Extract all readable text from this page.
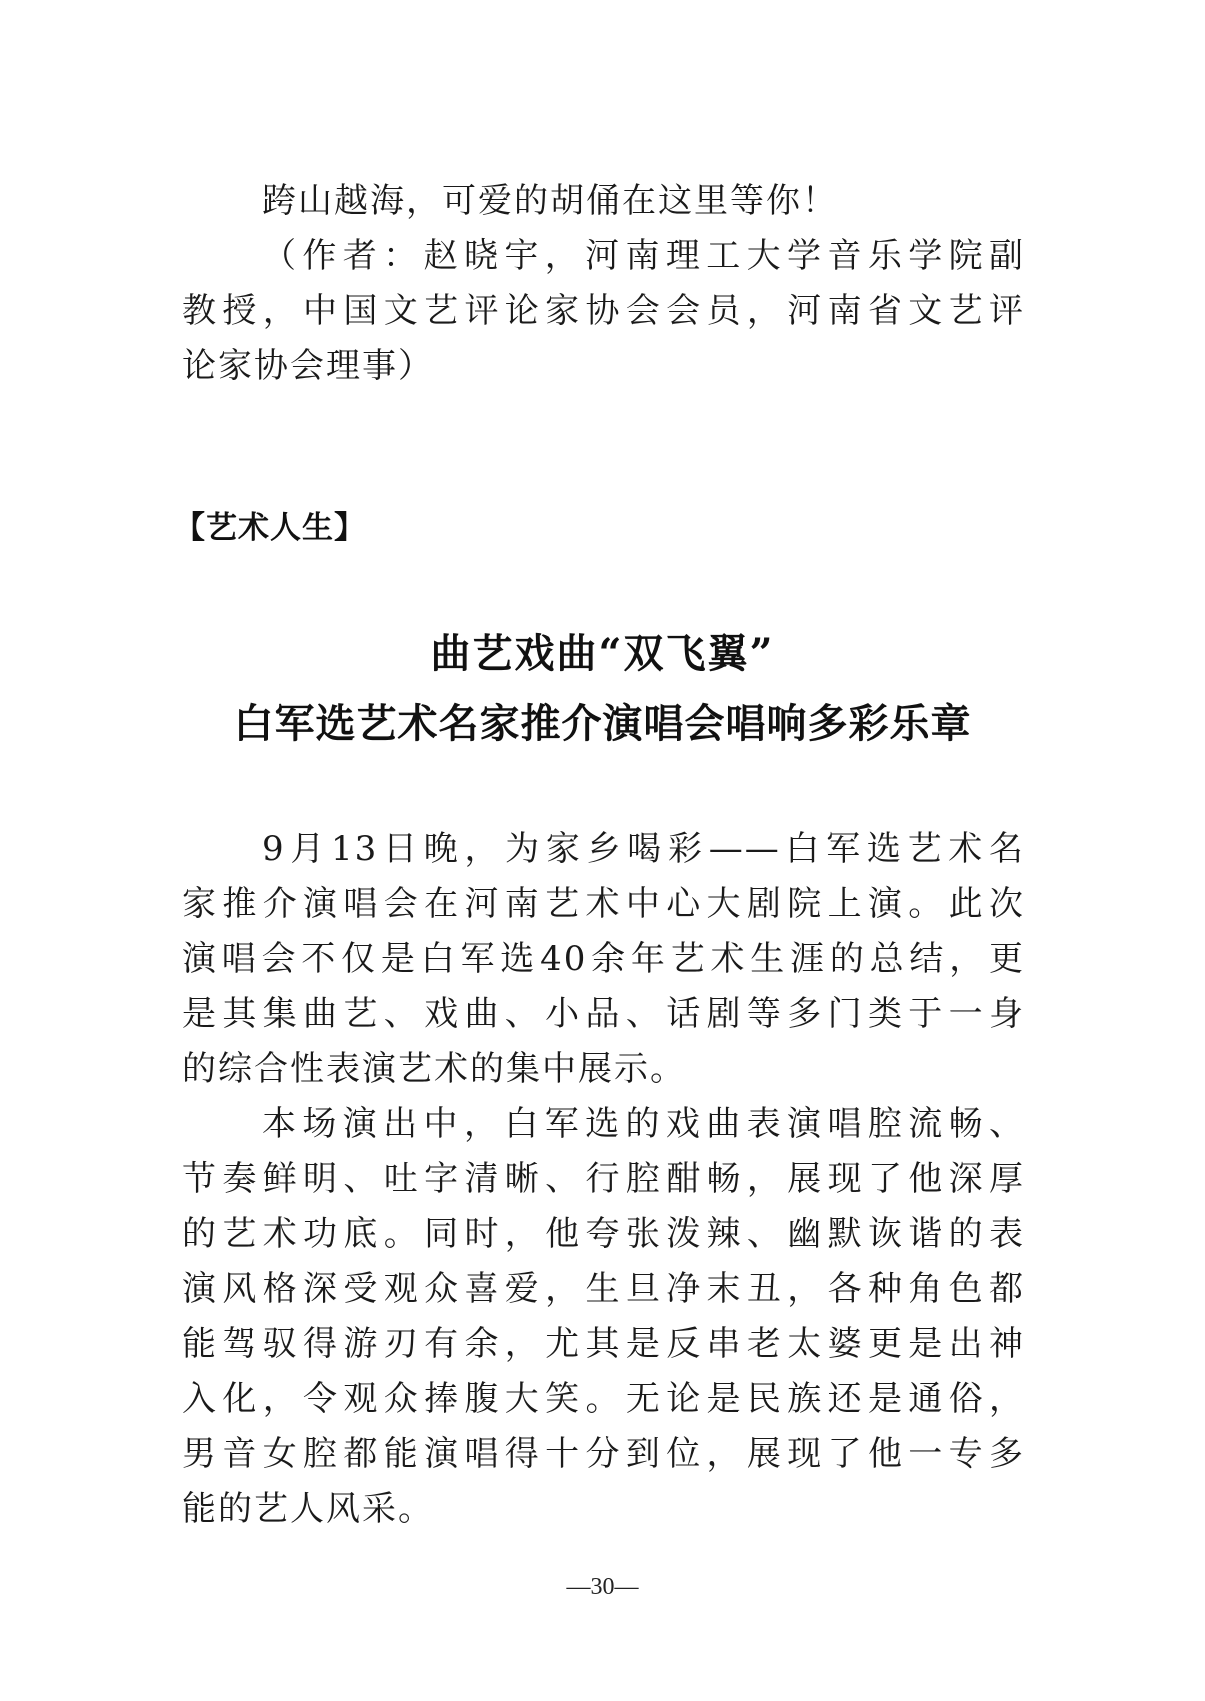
跨山越海，可爱的胡俑在这里等你！
（作者：赵晓宇，河南理工大学音乐学院副
教授，中国文艺评论家协会会员，河南省文艺评
论家协会理事）
【艺术人生】
曲艺戏曲“双飞翼”
白军选艺术名家推介演唱会唱响多彩乐章
9月13日晚，为家乡喝彩——白军选艺术名
家推介演唱会在河南艺术中心大剧院上演。此次
演唱会不仅是白军选40余年艺术生涯的总结，更
是其集曲艺、戏曲、小品、话剧等多门类于一身
的综合性表演艺术的集中展示。
本场演出中，白军选的戏曲表演唱腔流畅、
节奏鲜明、吐字清晰、行腔酣畅，展现了他深厚
的艺术功底。同时，他夸张泼辣、幽默诙谐的表
演风格深受观众喜爱，生旦净末丑，各种角色都
能驾驭得游刃有余，尤其是反串老太婆更是出神
入化，令观众捧腹大笑。无论是民族还是通俗，
男音女腔都能演唱得十分到位，展现了他一专多
能的艺人风采。
—30—
